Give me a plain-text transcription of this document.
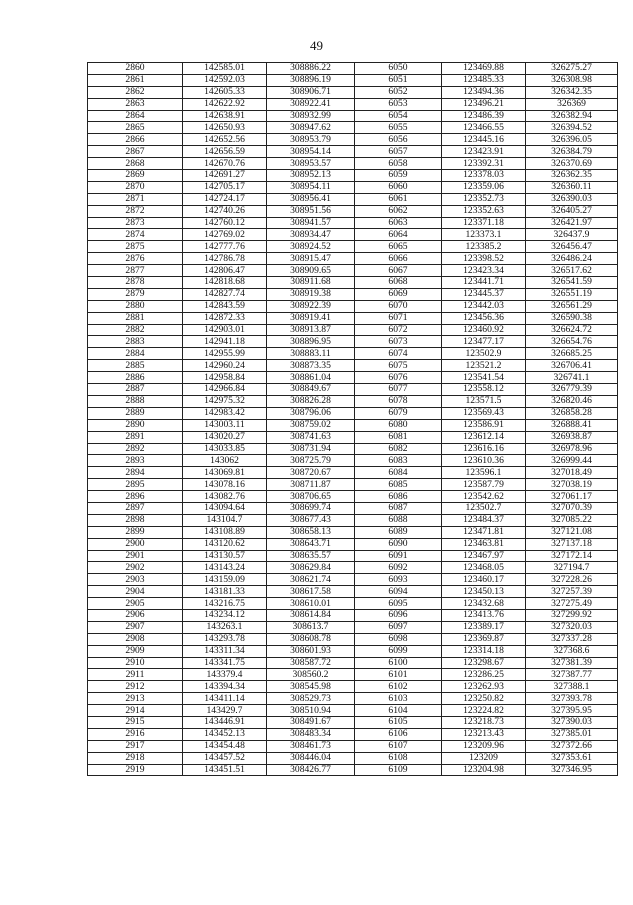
49
2860	142585.01	308886.22	6050	123469.88	326275.27
2861	142592.03	308896.19	6051	123485.33	326308.98
2862	142605.33	308906.71	6052	123494.36	326342.35
2863	142622.92	308922.41	6053	123496.21	326369
2864	142638.91	308932.99	6054	123486.39	326382.94
2865	142650.93	308947.62	6055	123466.55	326394.52
2866	142652.56	308953.79	6056	123445.16	326396.05
2867	142656.59	308954.14	6057	123423.91	326384.79
2868	142670.76	308953.57	6058	123392.31	326370.69
2869	142691.27	308952.13	6059	123378.03	326362.35
2870	142705.17	308954.11	6060	123359.06	326360.11
2871	142724.17	308956.41	6061	123352.73	326390.03
2872	142740.26	308951.56	6062	123352.63	326405.27
2873	142760.12	308941.57	6063	123371.18	326421.97
2874	142769.02	308934.47	6064	123373.1	326437.9
2875	142777.76	308924.52	6065	123385.2	326456.47
2876	142786.78	308915.47	6066	123398.52	326486.24
2877	142806.47	308909.65	6067	123423.34	326517.62
2878	142818.68	308911.68	6068	123441.71	326541.59
2879	142827.74	308919.38	6069	123445.37	326551.19
2880	142843.59	308922.39	6070	123442.03	326561.29
2881	142872.33	308919.41	6071	123456.36	326590.38
2882	142903.01	308913.87	6072	123460.92	326624.72
2883	142941.18	308896.95	6073	123477.17	326654.76
2884	142955.99	308883.11	6074	123502.9	326685.25
2885	142960.24	308873.35	6075	123521.2	326706.41
2886	142958.84	308861.04	6076	123541.54	326741.1
2887	142966.84	308849.67	6077	123558.12	326779.39
2888	142975.32	308826.28	6078	123571.5	326820.46
2889	142983.42	308796.06	6079	123569.43	326858.28
2890	143003.11	308759.02	6080	123586.91	326888.41
2891	143020.27	308741.63	6081	123612.14	326938.87
2892	143033.85	308731.94	6082	123616.16	326978.96
2893	143062	308725.79	6083	123610.36	326999.44
2894	143069.81	308720.67	6084	123596.1	327018.49
2895	143078.16	308711.87	6085	123587.79	327038.19
2896	143082.76	308706.65	6086	123542.62	327061.17
2897	143094.64	308699.74	6087	123502.7	327070.39
2898	143104.7	308677.43	6088	123484.37	327085.22
2899	143108.89	308658.13	6089	123471.81	327121.08
2900	143120.62	308643.71	6090	123463.81	327137.18
2901	143130.57	308635.57	6091	123467.97	327172.14
2902	143143.24	308629.84	6092	123468.05	327194.7
2903	143159.09	308621.74	6093	123460.17	327228.26
2904	143181.33	308617.58	6094	123450.13	327257.39
2905	143216.75	308610.01	6095	123432.68	327275.49
2906	143234.12	308614.84	6096	123413.76	327299.92
2907	143263.1	308613.7	6097	123389.17	327320.03
2908	143293.78	308608.78	6098	123369.87	327337.28
2909	143311.34	308601.93	6099	123314.18	327368.6
2910	143341.75	308587.72	6100	123298.67	327381.39
2911	143379.4	308560.2	6101	123286.25	327387.77
2912	143394.34	308545.98	6102	123262.93	327388.1
2913	143411.14	308529.73	6103	123250.82	327393.78
2914	143429.7	308510.94	6104	123224.82	327395.95
2915	143446.91	308491.67	6105	123218.73	327390.03
2916	143452.13	308483.34	6106	123213.43	327385.01
2917	143454.48	308461.73	6107	123209.96	327372.66
2918	143457.52	308446.04	6108	123209	327353.61
2919	143451.51	308426.77	6109	123204.98	327346.95
